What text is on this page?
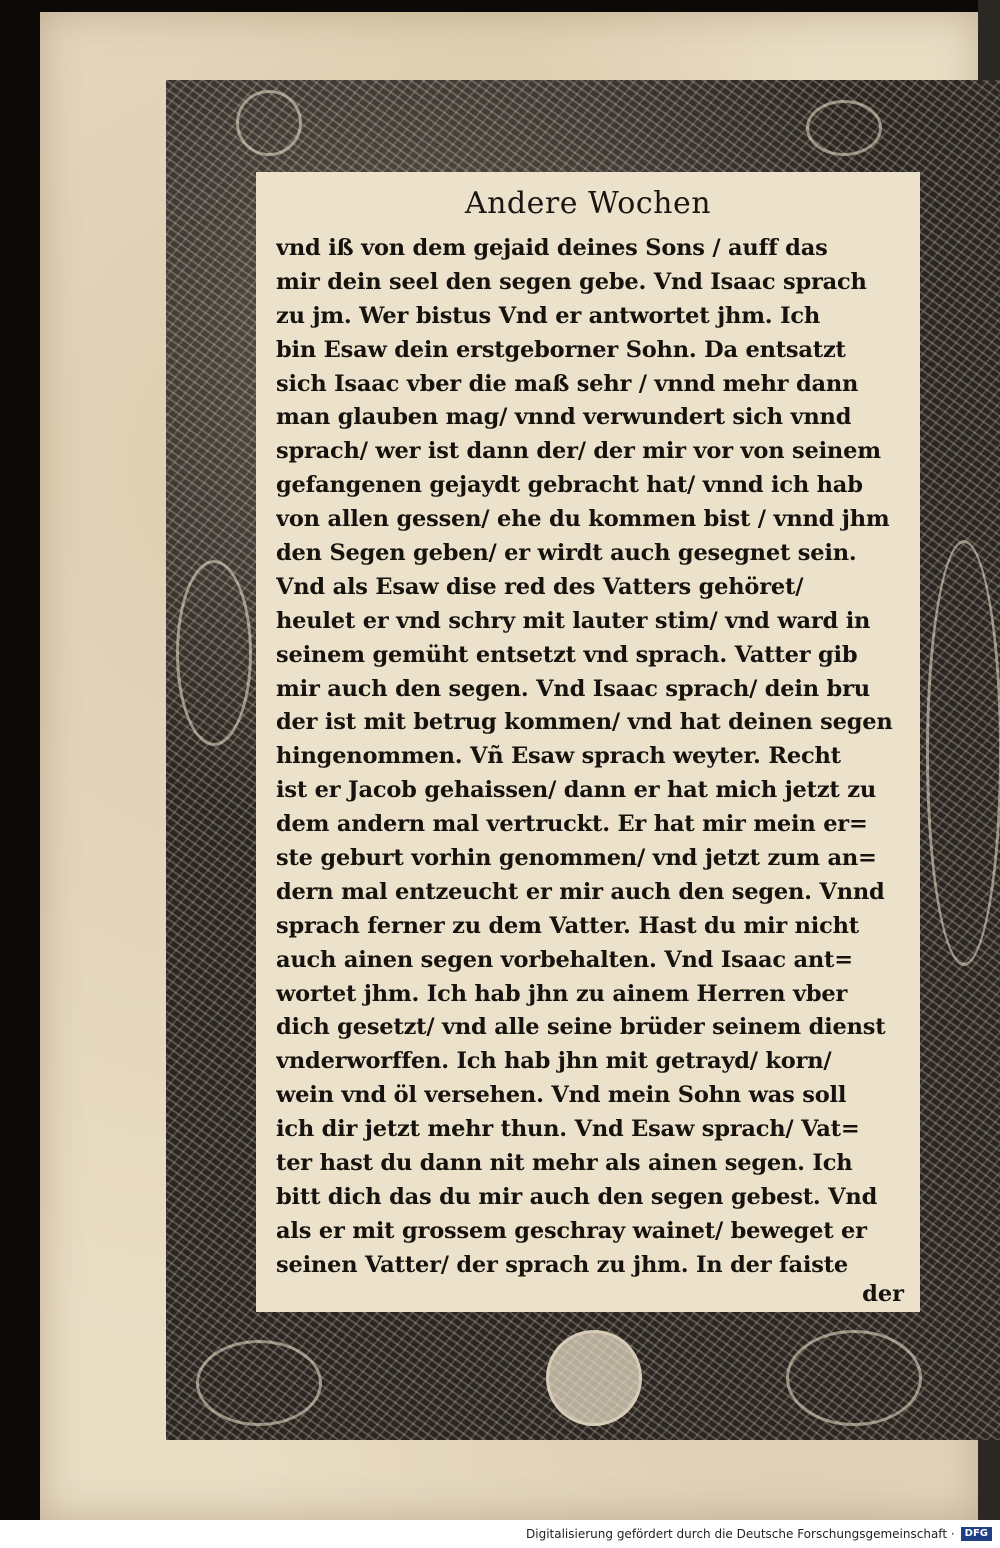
Andere Wochen
vnd iß von dem gejaid deines Sons / auff das
mir dein seel den segen gebe. Vnd Isaac sprach
zu jm. Wer bistus Vnd er antwortet jhm. Ich
bin Esaw dein erstgeborner Sohn. Da entsatzt
sich Isaac vber die maß sehr / vnnd mehr dann
man glauben mag/ vnnd verwundert sich vnnd
sprach/ wer ist dann der/ der mir vor von seinem
gefangenen gejaydt gebracht hat/ vnnd ich hab
von allen gessen/ ehe du kommen bist / vnnd jhm
den Segen geben/ er wirdt auch gesegnet sein.
Vnd als Esaw dise red des Vatters gehöret/
heulet er vnd schry mit lauter stim/ vnd ward in
seinem gemüht entsetzt vnd sprach. Vatter gib
mir auch den segen. Vnd Isaac sprach/ dein bru
der ist mit betrug kommen/ vnd hat deinen segen
hingenommen. Vñ Esaw sprach weyter. Recht
ist er Jacob gehaissen/ dann er hat mich jetzt zu
dem andern mal vertruckt. Er hat mir mein er=
ste geburt vorhin genommen/ vnd jetzt zum an=
dern mal entzeucht er mir auch den segen. Vnnd
sprach ferner zu dem Vatter. Hast du mir nicht
auch ainen segen vorbehalten. Vnd Isaac ant=
wortet jhm. Ich hab jhn zu ainem Herren vber
dich gesetzt/ vnd alle seine brüder seinem dienst
vnderworffen. Ich hab jhn mit getrayd/ korn/
wein vnd öl versehen. Vnd mein Sohn was soll
ich dir jetzt mehr thun. Vnd Esaw sprach/ Vat=
ter hast du dann nit mehr als ainen segen. Ich
bitt dich das du mir auch den segen gebest. Vnd
als er mit grossem geschray wainet/ beweget er
seinen Vatter/ der sprach zu jhm. In der faiste
der
Digitalisierung gefördert durch die Deutsche Forschungsgemeinschaft ·	DFG
